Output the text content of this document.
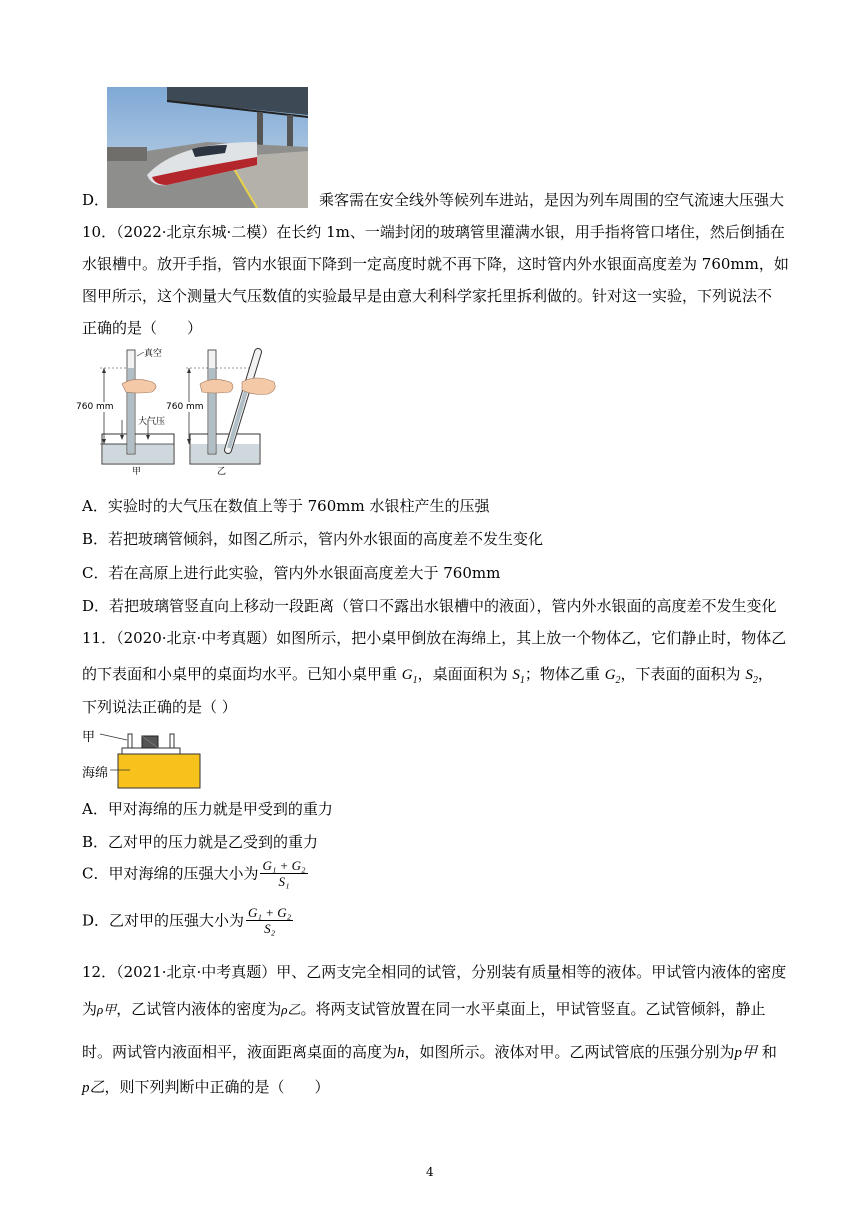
D．	乘客需在安全线外等候列车进站，是因为列车周围的空气流速大压强大
10．（2022·北京东城·二模）在长约 1m、一端封闭的玻璃管里灌满水银，用手指将管口堵住，然后倒插在
水银槽中。放开手指，管内水银面下降到一定高度时就不再下降，这时管内外水银面高度差为 760mm，如
图甲所示，这个测量大气压数值的实验最早是由意大利科学家托里拆利做的。针对这一实验，下列说法不
正确的是（　　）
真空
760 mm	760 mm
大气压
甲	乙
A．实验时的大气压在数值上等于 760mm 水银柱产生的压强
B．若把玻璃管倾斜，如图乙所示，管内外水银面的高度差不发生变化
C．若在高原上进行此实验，管内外水银面高度差大于 760mm
D．若把玻璃管竖直向上移动一段距离（管口不露出水银槽中的液面），管内外水银面的高度差不发生变化
11．（2020·北京·中考真题）如图所示，把小桌甲倒放在海绵上，其上放一个物体乙，它们静止时，物体乙
的下表面和小桌甲的桌面均水平。已知小桌甲重 $G_1$，桌面面积为 $S_1$；物体乙重 $G_2$，下表面的面积为 $S_2$，
下列说法正确的是（ ）
甲
海绵
A．甲对海绵的压力就是甲受到的重力
B．乙对甲的压力就是乙受到的重力
C．甲对海绵的压强大小为 $\frac{\text{G₁ + G₂}}{\text{S₁}}$
D．乙对甲的压强大小为 $\frac{\text{G₁ + G₂}}{\text{S₂}}$
12．（2021·北京·中考真题）甲、乙两支完全相同的试管，分别装有质量相等的液体。甲试管内液体的密度
为ρ甲，乙试管内液体的密度为ρ乙。将两支试管放置在同一水平桌面上，甲试管竖直。乙试管倾斜，静止
时。两试管内液面相平，液面距离桌面的高度为h，如图所示。液体对甲。乙两试管底的压强分别为p甲 和
p乙，则下列判断中正确的是（　　）
4
